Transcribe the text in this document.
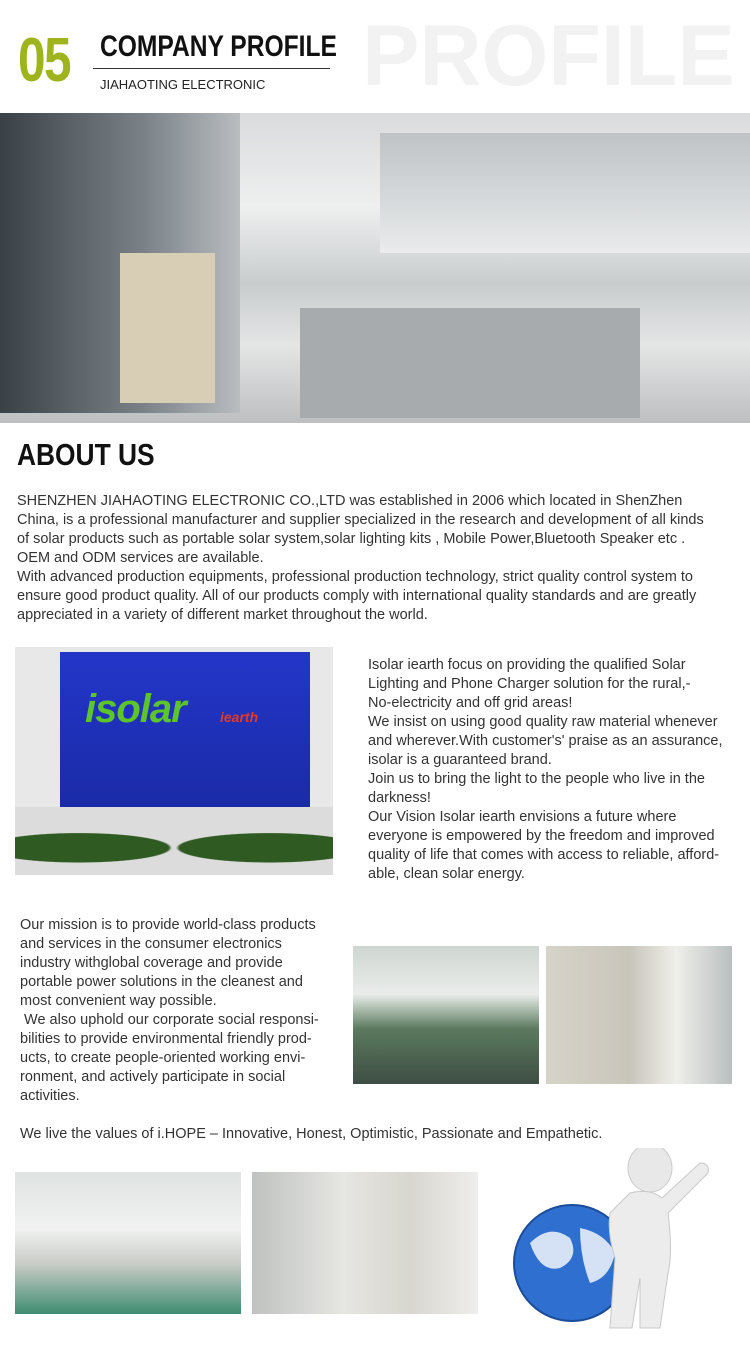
PROFILE
05 COMPANY PROFILE
JIAHAOTING ELECTRONIC
ABOUT US
SHENZHEN JIAHAOTING ELECTRONIC CO.,LTD was established in 2006 which located in ShenZhen
China, is a professional manufacturer and supplier specialized in the research and development of all kinds
of solar products such as portable solar system,solar lighting kits , Mobile Power,Bluetooth Speaker etc .
OEM and ODM services are available.
With advanced production equipments, professional production technology, strict quality control system to
ensure good product quality. All of our products comply with international quality standards and are greatly
appreciated in a variety of different market throughout the world.
isolar iearth
Isolar iearth focus on providing the qualified Solar
Lighting and Phone Charger solution for the rural,-
No-electricity and off grid areas!
We insist on using good quality raw material whenever
and wherever.With customer's' praise as an assurance,
isolar is a guaranteed brand.
Join us to bring the light to the people who live in the
darkness!
Our Vision Isolar iearth envisions a future where
everyone is empowered by the freedom and improved
quality of life that comes with access to reliable, afford-
able, clean solar energy.
Our mission is to provide world-class products
and services in the consumer electronics
industry withglobal coverage and provide
portable power solutions in the cleanest and
most convenient way possible.
We also uphold our corporate social responsi-
bilities to provide environmental friendly prod-
ucts, to create people-oriented working envi-
ronment, and actively participate in social
activities.
We live the values of i.HOPE – Innovative, Honest, Optimistic, Passionate and Empathetic.
